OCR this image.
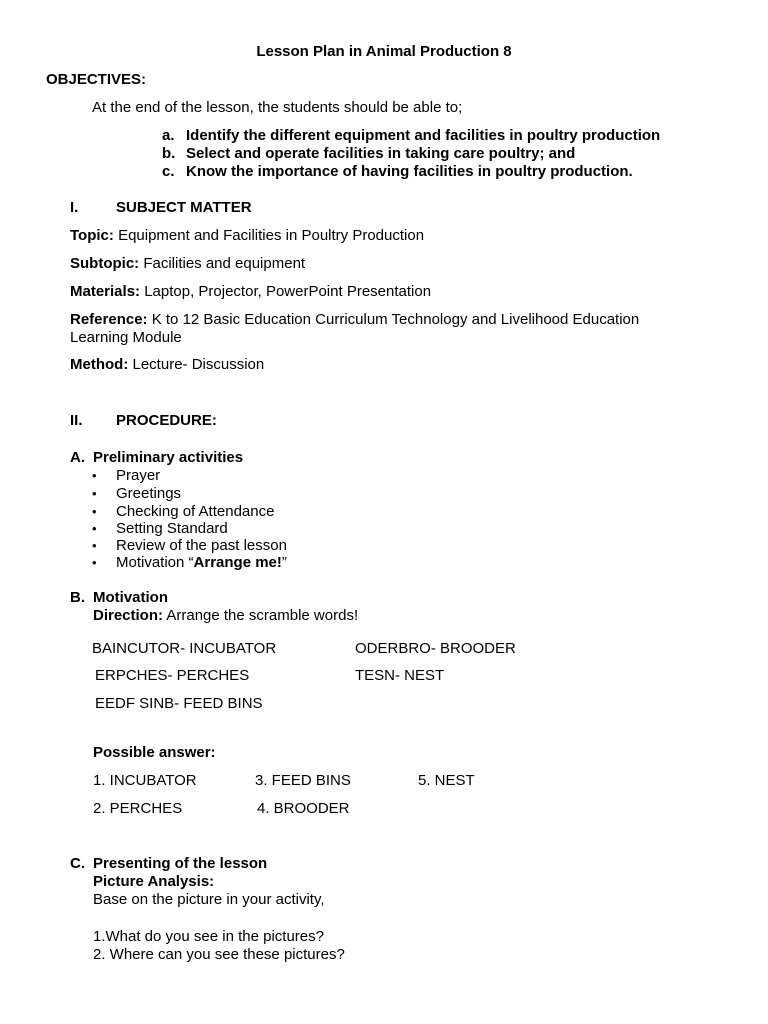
Lesson Plan in Animal Production 8
OBJECTIVES:
At the end of the lesson, the students should be able to;
a. Identify the different equipment and facilities in poultry production
b. Select and operate facilities in taking care poultry; and
c. Know the importance of having facilities in poultry production.
I.	SUBJECT MATTER
Topic: Equipment and Facilities in Poultry Production
Subtopic: Facilities and equipment
Materials: Laptop, Projector, PowerPoint Presentation
Reference: K to 12 Basic Education Curriculum Technology and Livelihood Education
Learning Module
Method: Lecture- Discussion
II. PROCEDURE:
A. Preliminary activities
• Prayer
• Greetings
• Checking of Attendance
• Setting Standard
• Review of the past lesson
• Motivation “Arrange me!”
B. Motivation
Direction: Arrange the scramble words!
BAINCUTOR- INCUBATOR	ODERBRO- BROODER
ERPCHES- PERCHES	TESN- NEST
EEDF SINB- FEED BINS
Possible answer:
1. INCUBATOR	3. FEED BINS	5. NEST
2. PERCHES	4. BROODER
C. Presenting of the lesson
Picture Analysis:
Base on the picture in your activity,
1.What do you see in the pictures?
2. Where can you see these pictures?
